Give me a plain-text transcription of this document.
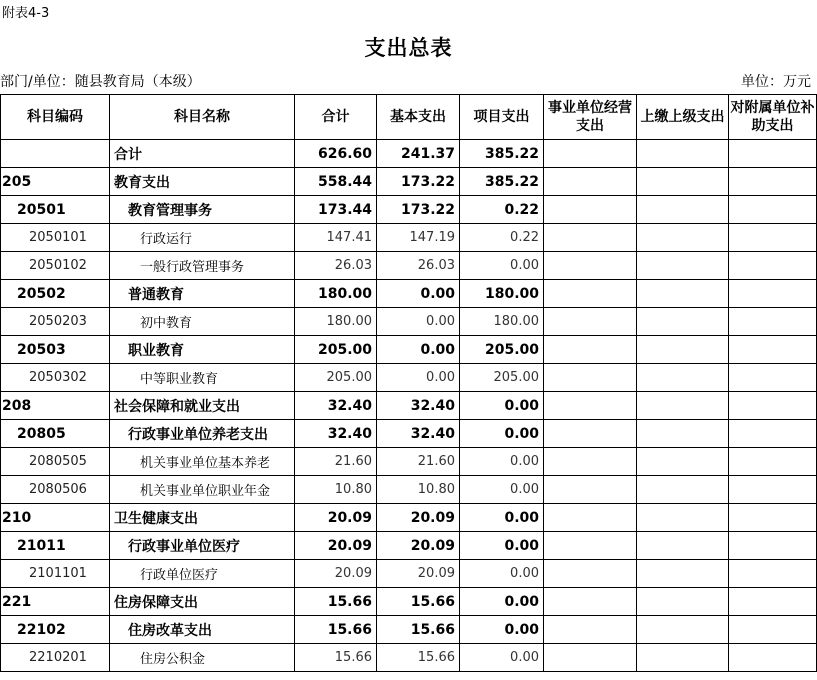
附表4-3
支出总表
部门/单位：随县教育局（本级）	单位：万元
科目编码	科目名称	合计	基本支出	项目支出	事业单位经营支出	上缴上级支出	对附属单位补助支出
	合计	626.60	241.37	385.22			
205	教育支出	558.44	173.22	385.22			
20501	教育管理事务	173.44	173.22	0.22			
2050101	行政运行	147.41	147.19	0.22			
2050102	一般行政管理事务	26.03	26.03	0.00			
20502	普通教育	180.00	0.00	180.00			
2050203	初中教育	180.00	0.00	180.00			
20503	职业教育	205.00	0.00	205.00			
2050302	中等职业教育	205.00	0.00	205.00			
208	社会保障和就业支出	32.40	32.40	0.00			
20805	行政事业单位养老支出	32.40	32.40	0.00			
2080505	机关事业单位基本养老	21.60	21.60	0.00			
2080506	机关事业单位职业年金	10.80	10.80	0.00			
210	卫生健康支出	20.09	20.09	0.00			
21011	行政事业单位医疗	20.09	20.09	0.00			
2101101	行政单位医疗	20.09	20.09	0.00			
221	住房保障支出	15.66	15.66	0.00			
22102	住房改革支出	15.66	15.66	0.00			
2210201	住房公积金	15.66	15.66	0.00			
